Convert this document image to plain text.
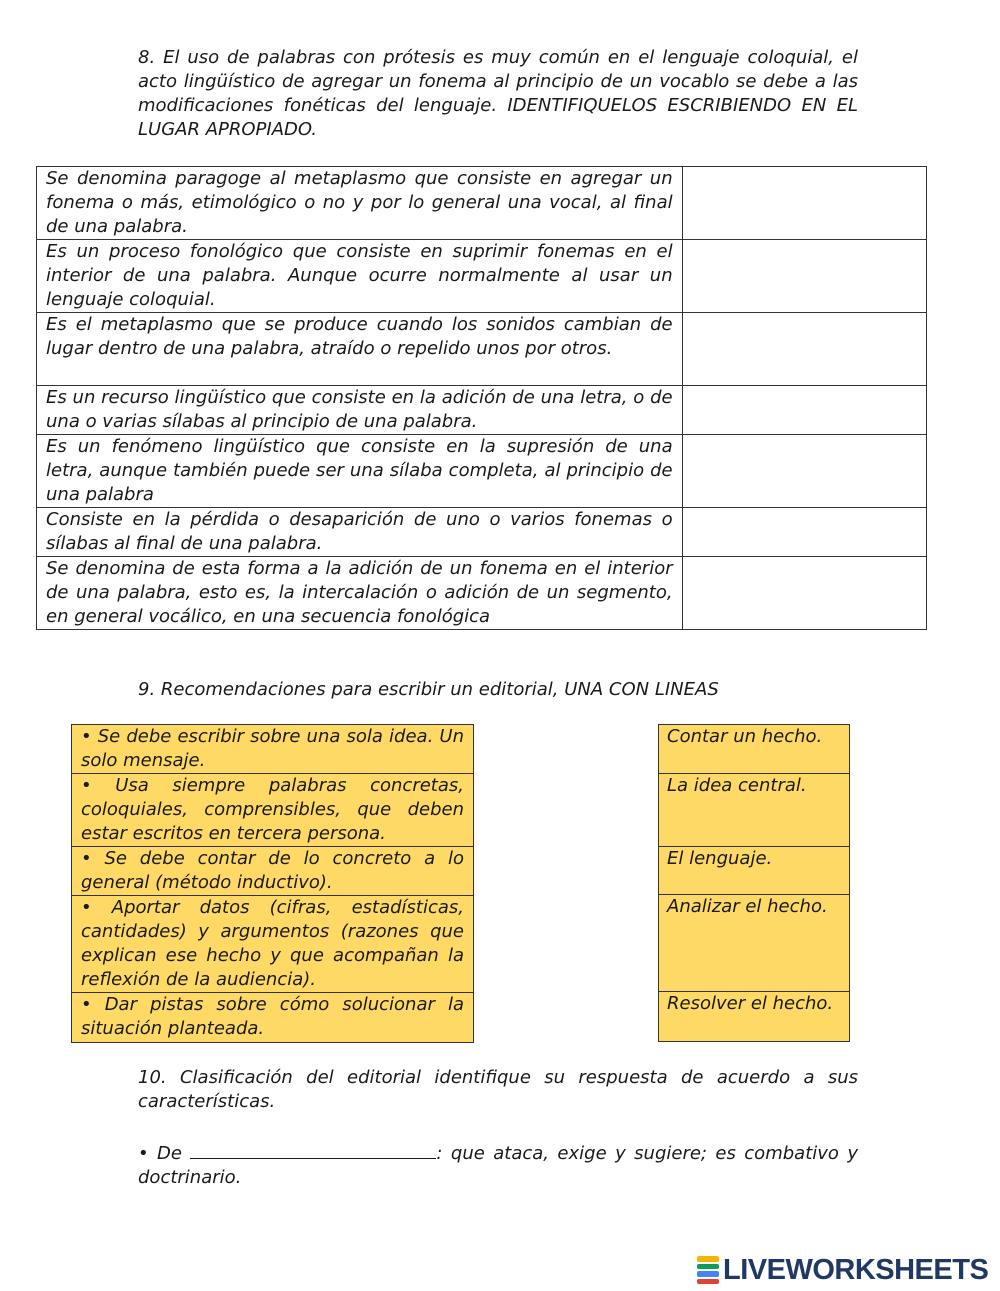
8. El uso de palabras con prótesis es muy común en el lenguaje coloquial, el acto lingüístico de agregar un fonema al principio de un vocablo se debe a las modificaciones fonéticas del lenguaje. IDENTIFIQUELOS ESCRIBIENDO EN EL LUGAR APROPIADO.

Se denomina paragoge al metaplasmo que consiste en agregar un fonema o más, etimológico o no y por lo general una vocal, al final de una palabra.	
Es un proceso fonológico que consiste en suprimir fonemas en el interior de una palabra. Aunque ocurre normalmente al usar un lenguaje coloquial.	
Es el metaplasmo que se produce cuando los sonidos cambian de lugar dentro de una palabra, atraído o repelido unos por otros.	
Es un recurso lingüístico que consiste en la adición de una letra, o de una o varias sílabas al principio de una palabra.	
Es un fenómeno lingüístico que consiste en la supresión de una letra, aunque también puede ser una sílaba completa, al principio de una palabra	
Consiste en la pérdida o desaparición de uno o varios fonemas o sílabas al final de una palabra.	
Se denomina de esta forma a la adición de un fonema en el interior de una palabra, esto es, la intercalación o adición de un segmento, en general vocálico, en una secuencia fonológica	

9. Recomendaciones para escribir un editorial, UNA CON LINEAS

• Se debe escribir sobre una sola idea. Un solo mensaje.
• Usa siempre palabras concretas, coloquiales, comprensibles, que deben estar escritos en tercera persona.
• Se debe contar de lo concreto a lo general (método inductivo).
• Aportar datos (cifras, estadísticas, cantidades) y argumentos (razones que explican ese hecho y que acompañan la reflexión de la audiencia).
• Dar pistas sobre cómo solucionar la situación planteada.
Contar un hecho.
La idea central.
El lenguaje.
Analizar el hecho.
Resolver el hecho.

10. Clasificación del editorial identifique su respuesta de acuerdo a sus características.

• De	: que ataca, exige y sugiere; es combativo y doctrinario.

LIVEWORKSHEETS
